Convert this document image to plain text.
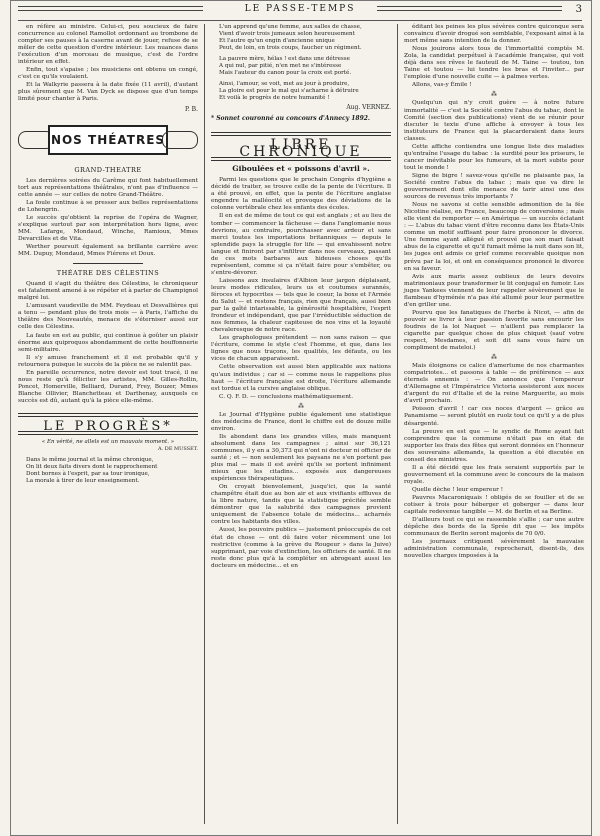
LE PASSE-TEMPS	3

en réfère au ministre. Celui-ci, peu soucieux de faire concurrence au colonel Ramollot ordonnant au trombone de compter ses pauses à la caserne avant de jouer, refuse de se mêler de cette question d'ordre intérieur. Les nuances dans l'exécution d'un morceau de musique, c'est de l'ordre intérieur en effet.

Enfin, tout s'apaise ; les musiciens ont obtenu un congé, c'est ce qu'ils voulaient.

Et la Walkyrie passera à la date fixée (11 avril), d'autant plus sûrement que M. Van Dyck se dispose que d'un temps limité pour chanter à Paris.

P. B.
NOS THÉATRES
GRAND-THEATRE

Les dernières soirées du Carême qui font habituellement tort aux représentations théâtrales, n'ont pas d'influence — cette année — sur celles de notre Grand-Théâtre.

La foule continue à se presser aux belles représentations de Lohengrin.

Le succès qu'obtient la reprise de l'opéra de Wagner, s'explique surtout par son interprétation hors ligne, avec MM. Lafarge, Mondaud, Winche, Ramioux, Mmes Devarcilles et de Vita.

Werther poursuit également sa brillante carrière avec MM. Dupuy, Mondaud, Mmes Fiérens et Doux.

THÉATRE DES CÉLESTINS

Quand il s'agit du théâtre des Célestins, le chroniqueur est fatalement amené à se répéter et à parler de Champignol malgré lui.

L'amusant vaudeville de MM. Feydeau et Desvallières qui a tenu — pendant plus de trois mois — à Paris, l'affiche du théâtre des Nouveautés, menace de s'éterniser aussi sur celle des Célestins.

La faute en est au public, qui continue à goûter un plaisir énorme aux quiproquos abondamment de cette bouffonnerie semi-militaire.

Il s'y amuse franchement et il est probable qu'il y retournera puisque le succès de la pièce ne se ralentit pas.

En pareille occurrence, notre devoir est tout tracé, il ne nous reste qu'à féliciter les artistes, MM. Gilles-Rollin, Poncet, Homerville, Belliard, Durand, Frey, Bouzer, Mmes Blanche Ollivier, Blanchetteau et Darthenay, auxquels ce succès est dû, autant qu'à la pièce elle-même.

LE PROGRÈS*
« En vérité, ne allels est un mauvais moment. »
A. DE MUSSET.
Dans le même journal et la même chronique,
On lit deux faits divers dont le rapprochement
Dont bornes à l'esprit, par sa tour ironique,
La morale à tirer de leur enseignement.
L'un apprend qu'une femme, aux salles de chasse,
Vient d'avoir trois jumeaux selon heureusement
Et l'autre qu'un engin d'ancienne unique
Peut, de loin, en trois coups, faucher un régiment.
La pauvre mère, hélas ! est dans une détresse
A qui nul, par pitié, n'en met ne s'intéresse
Mais l'auteur du canon pour la croix est porté.
Ainsi, l'amour, se voit, met au jour à produire,
La gloire est pour le mal qui s'acharne à détruire
Et voilà le progrès de notre humanité !
Aug. VERNEZ.
* Sonnet couronné au concours d'Annecy 1892.
LIBRE CHRONIQUE
Giboulées et « poissons d'avril ».

Parmi les questions que le prochain Congrès d'hygiène a décidé de traiter, se trouve celle de la pente de l'écriture. Il a été prouvé, en effet, que la pente de l'écriture anglaise engendre la malléocité et provoque des déviations de la colonne vertébrale chez les enfants des écoles.

Il en est de même de tout ce qui est anglais ; et au lieu de tomber — commencer la fâcheuse — dans l'anglomanie nous devrions, au contraire, pourchasser avec ardeur et sans merci toutes les importations britanniques — depuis le splendide pays la struggle for life — qui envahissent notre langue et finiront par s'infiltrer dans nos cerveaux, passant de ces mots barbares aux hideuses choses qu'ils représentent, comme si ça n'était faire pour s'embêter, ou s'entre-dévorer.

Laissons aux insulaires d'Albion leur jargon déplaisant, leurs modes ridicules, leurs us et coutumes surannés, féroces et hypocrites — tels que le coeur, la boxe et l'Armée du Salut — et restons français, rien que français, aussi bien par la gaîté intarissable, la générosité hospitalière, l'esprit frondeur et indépendant, que par l'irréductible séduction de nos femmes, la chaleur capiteuse de nos vins et la loyauté chevaleresque de notre race.

Les graphologues prétendent — non sans raison — que l'écriture, comme le style c'est l'homme, et que, dans les lignes que nous traçons, les qualités, les défauts, ou les vices de chacun apparaissent.

Cette observation est aussi bien applicable aux nations qu'aux individus ; car si — comme nous le rappelions plus haut — l'écriture française est droite, l'écriture allemande est tordue et la cursive anglaise oblique.

C. Q. F. D. — conclusions mathématiquement.

⁂

Le Journal d'Hygiène publie également une statistique des médecins de France, dont le chiffre est de douze mille environ.

Ils abondent dans les grandes villes, mais manquent absolument dans les campagnes ; ainsi sur 36,121 communes, il y en a 30,373 qui n'ont ni docteur ni officier de santé ; et — non seulement les paysans ne s'en portent pas plus mal — mais il est avéré qu'ils se portent infiniment mieux que les citadins... exposés aux dangereuses expériences thérapeutiques.

On croyait bienvolement, jusqu'ici, que la santé champêtre était due au bon air et aux vivifiants effluves de la libre nature, tandis que la statistique précitée semble démontrer que la salubrité des campagnes provient uniquement de l'absence totale de médecins... acharnés contre les habitants des villes.

Aussi, les pouvoirs publics — justement préoccupés de cet état de chose — ont dû faire voter récemment une loi restrictive (comme à la grève du Rougeur » dans la Juive) supprimant, par voie d'extinction, les officiers de santé. Il ne reste donc plus qu'à la compléter en abrogeant aussi les docteurs en médecine... et en

éditant les peines les plus sévères contre quiconque sera convaincu d'avoir drogué son semblable, l'exposant ainsi à la mort même sans intention de la donner.

Nous jouirons alors tous de l'immortalité comptés M. Zola, la candidat perpétuel à l'académie française, qui voit déjà dans ses rêves le fauteuil de M. Taine — toutou, ton Taine et toutou — lui tendre les bras et l'inviter... par l'emploie d'une nouvelle cuite — à palmes vertes.

Allons, vas-y Émile !

⁂

Quelqu'un qui n'y croit guère — à notre future immortalité — c'est la Société contre l'abus du tabac, dont le Comité (section des publications) vient de se réunir pour discuter le texte d'une affiche à envoyer à tous les instituteurs de France qui la placarderaient dans leurs classes.

Cette affiche contiendra une longue liste des maladies qu'entraîne l'usage du tabac : la surdité pour les priseurs, le cancer inévitable pour les fumeurs, et la mort subite pour tout le monde !

Signe de bigre ! savez-vous qu'elle ne plaisante pas, la Société contre l'abus du tabac ; mais que va dire le gouvernement dont elle menace de tarir ainsi une des sources de revenus très importants ?

Nous ne savons si cette sensible admonition de la fée Nicotine réalise, en France, beaucoup de conversions ; mais elle vient de remporter — en Amérique — un succès éclatant : — L'abus du tabac vient d'être reconnu dans les États-Unis comme un motif suffisant pour faire prononcer le divorce. Une femme ayant allégué et prouvé que son mari faisait abus de la cigarette et qu'il fumait même la nuit dans son lit, les juges ont admis ce grief comme recevable quoique non prévu par la loi, et ont en conséquence prononcé le divorce en sa faveur.

Avis aux maris assez oublieux de leurs devoirs matrimoniaux pour transformer le lit conjugal en fumoir. Les juges Yankees viennent de leur rappeler sévèrement que le flambeau d'hyménée n'a pas été allumé pour leur permettre d'en griller une.

Pourvu que les fanatiques de l'herbe à Nicot, — afin de pouvoir se livrer à leur passion favorite sans encourir les foudres de la loi Naquet — n'aillent pas remplacer la cigarette par quelque chose de plus chiquet (sauf votre respect, Mesdames, et soit dit sans vous faire un compliment de mateloi.)

⁂

Mais éloignons ce calice d'amertume de nos charmantes compatriotes... et passons à table — de préférence — aux éternels ennemis : — On annonce que l'empereur d'Allemagne et l'Impératrice Victoria assisteront aux noces d'argent du roi d'Italie et de la reine Marguerite, au mois d'avril prochain.

Poisson d'avril ! car ces noces d'argent — grâce au Panamisme — seront plutôt en ruolz tout ce qu'il y a de plus désargenté.

La preuve en est que — le syndic de Rome ayant fait comprendre que la commune n'était pas en état de supporter les frais des fêtes qui seront données en l'honneur des souverains allemands, la question a été discutée en conseil des ministres.

Il a été décidé que les frais seraient supportés par le gouvernement et la commune avec le concours de la maison royale.

Quelle dèche ! leur empereur !

Pauvres Macaroniquais ! obligés de se fouiller et de se cotiser à trois pour héberger et goberger — dans leur capitale redevenue tangible — M. de Berlin et sa Berline.

D'ailleurs tout ce qui se rassemble s'allie ; car une autre dépêche des bords de la Sprée dit que — les impôts communaux de Berlin seront majorés de 70 0/0.

Les journaux critiquent sévèrement la mauvaise administration communale, reprocherait, disent-ils, des nouvelles charges imposées à la
